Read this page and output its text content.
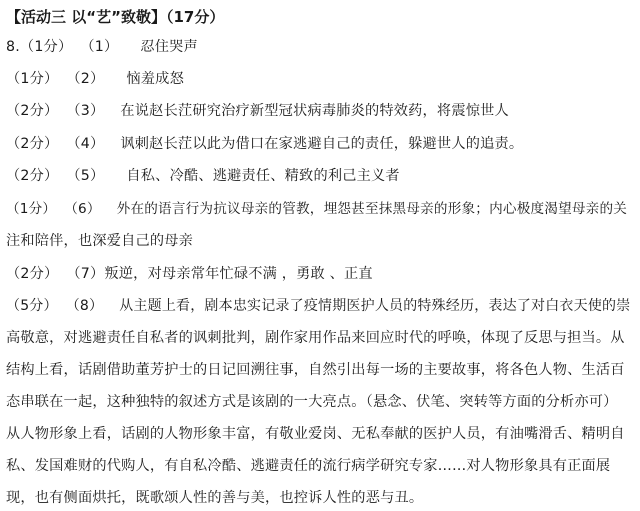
【活动三 以“艺”致敬】（17分）
8.（1分） （1） 忍住哭声
（1分） （2） 恼羞成怒
（2分） （3） 在说赵长茳研究治疗新型冠状病毒肺炎的特效药，将震惊世人
（2分） （4） 讽刺赵长茳以此为借口在家逃避自己的责任，躲避世人的追责。
（2分） （5） 自私、冷酷、逃避责任、精致的利己主义者
（1分） （6） 外在的语言行为抗议母亲的管教，埋怨甚至抹黑母亲的形象；内心极度渴望母亲的关
注和陪伴，也深爱自己的母亲
（2分） （7）叛逆，对母亲常年忙碌不满 ，勇敢 、正直
（5分） （8） 从主题上看，剧本忠实记录了疫情期医护人员的特殊经历，表达了对白衣天使的崇
高敬意，对逃避责任自私者的讽刺批判，剧作家用作品来回应时代的呼唤，体现了反思与担当。从
结构上看，话剧借助董芳护士的日记回溯往事，自然引出每一场的主要故事，将各色人物、生活百
态串联在一起，这种独特的叙述方式是该剧的一大亮点。（悬念、伏笔、突转等方面的分析亦可）
从人物形象上看，话剧的人物形象丰富，有敬业爱岗、无私奉献的医护人员，有油嘴滑舌、精明自
私、发国难财的代购人，有自私冷酷、逃避责任的流行病学研究专家……对人物形象具有正面展
现，也有侧面烘托，既歌颂人性的善与美，也控诉人性的恶与丑。
